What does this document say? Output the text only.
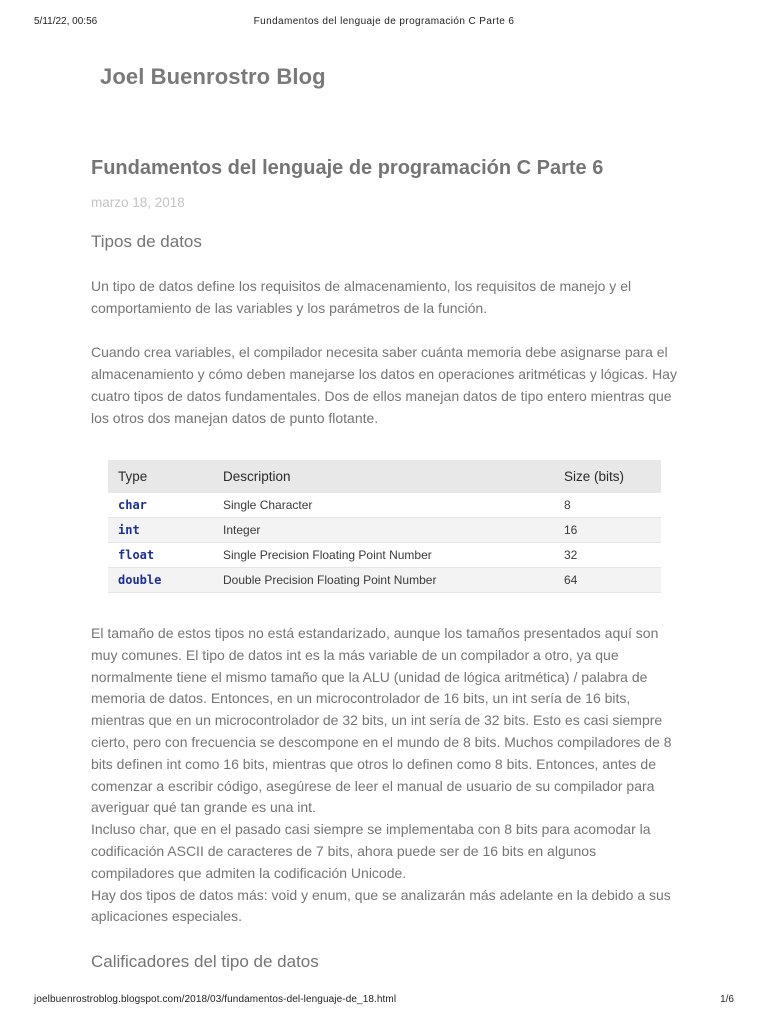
5/11/22, 00:56	Fundamentos del lenguaje de programación C Parte 6
Joel Buenrostro Blog
Fundamentos del lenguaje de programación C Parte 6
marzo 18, 2018
Tipos de datos

Un tipo de datos define los requisitos de almacenamiento, los requisitos de manejo y el comportamiento de las variables y los parámetros de la función.

Cuando crea variables, el compilador necesita saber cuánta memoria debe asignarse para el almacenamiento y cómo deben manejarse los datos en operaciones aritméticas y lógicas. Hay cuatro tipos de datos fundamentales. Dos de ellos manejan datos de tipo entero mientras que los otros dos manejan datos de punto flotante.

Type	Description	Size (bits)
char	Single Character	8
int	Integer	16
float	Single Precision Floating Point Number	32
double	Double Precision Floating Point Number	64

El tamaño de estos tipos no está estandarizado, aunque los tamaños presentados aquí son muy comunes. El tipo de datos int es la más variable de un compilador a otro, ya que normalmente tiene el mismo tamaño que la ALU (unidad de lógica aritmética) / palabra de memoria de datos. Entonces, en un microcontrolador de 16 bits, un int sería de 16 bits, mientras que en un microcontrolador de 32 bits, un int sería de 32 bits. Esto es casi siempre cierto, pero con frecuencia se descompone en el mundo de 8 bits. Muchos compiladores de 8 bits definen int como 16 bits, mientras que otros lo definen como 8 bits. Entonces, antes de comenzar a escribir código, asegúrese de leer el manual de usuario de su compilador para averiguar qué tan grande es una int.

Incluso char, que en el pasado casi siempre se implementaba con 8 bits para acomodar la codificación ASCII de caracteres de 7 bits, ahora puede ser de 16 bits en algunos compiladores que admiten la codificación Unicode.

Hay dos tipos de datos más: void y enum, que se analizarán más adelante en la debido a sus aplicaciones especiales.

Calificadores del tipo de datos
joelbuenrostroblog.blogspot.com/2018/03/fundamentos-del-lenguaje-de_18.html	1/6
